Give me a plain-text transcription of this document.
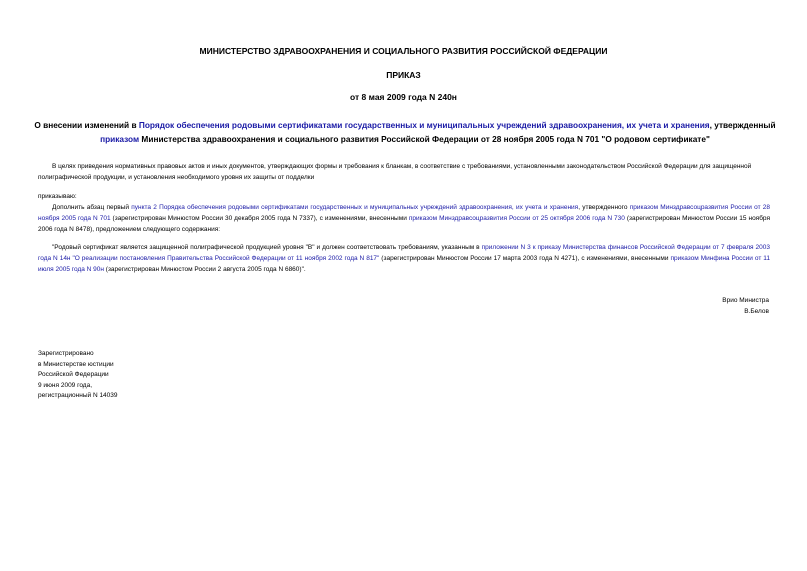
МИНИСТЕРСТВО ЗДРАВООХРАНЕНИЯ И СОЦИАЛЬНОГО РАЗВИТИЯ РОССИЙСКОЙ ФЕДЕРАЦИИ
ПРИКАЗ
от 8 мая 2009 года N 240н
О внесении изменений в Порядок обеспечения родовыми сертификатами государственных и муниципальных учреждений здравоохранения, их учета и хранения, утвержденный приказом Министерства здравоохранения и социального развития Российской Федерации от 28 ноября 2005 года N 701 "О родовом сертификате"
В целях приведения нормативных правовых актов и иных документов, утверждающих формы и требования к бланкам, в соответствие с требованиями, установленными законодательством Российской Федерации для защищенной полиграфической продукции, и установления необходимого уровня их защиты от подделки
приказываю:
Дополнить абзац первый пункта 2 Порядка обеспечения родовыми сертификатами государственных и муниципальных учреждений здравоохранения, их учета и хранения, утвержденного приказом Минздравсоцразвития России от 28 ноября 2005 года N 701 (зарегистрирован Минюстом России 30 декабря 2005 года N 7337), с изменениями, внесенными приказом Минздравсоцразвития России от 25 октября 2006 года N 730 (зарегистрирован Минюстом России 15 ноября 2006 года N 8478), предложением следующего содержания:
"Родовый сертификат является защищенной полиграфической продукцией уровня "В" и должен соответствовать требованиям, указанным в приложении N 3 к приказу Министерства финансов Российской Федерации от 7 февраля 2003 года N 14н "О реализации постановления Правительства Российской Федерации от 11 ноября 2002 года N 817" (зарегистрирован Минюстом России 17 марта 2003 года N 4271), с изменениями, внесенными приказом Минфина России от 11 июля 2005 года N 90н (зарегистрирован Минюстом России 2 августа 2005 года N 6860)".
Врио Министра
В.Белов
Зарегистрировано
в Министерстве юстиции
Российской Федерации
9 июня 2009 года,
регистрационный N 14039
